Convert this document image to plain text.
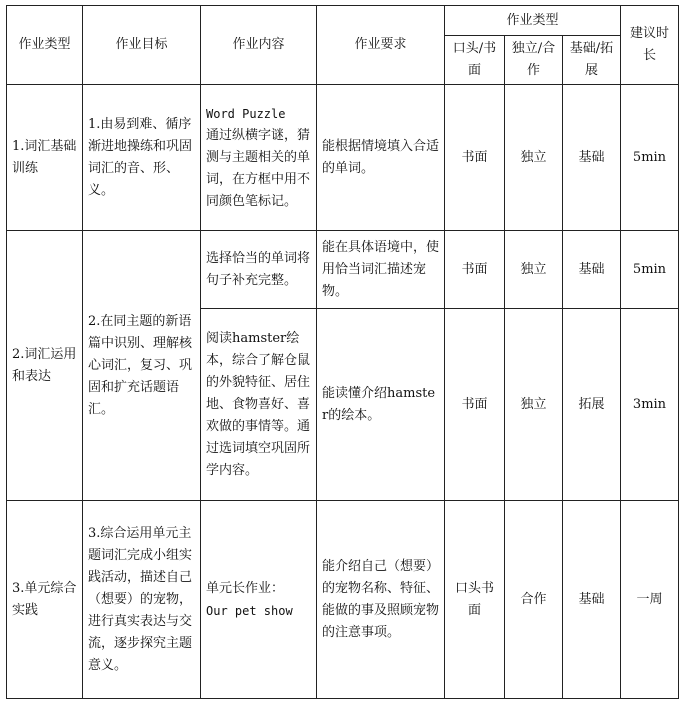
作业类型	作业目标	作业内容	作业要求	作业类型			建议时长
				口头/书面	独立/合作	基础/拓展	
1.词汇基础训练	1.由易到难、循序渐进地操练和巩固词汇的音、形、义。	Word Puzzle
通过纵横字谜，猜测与主题相关的单词，在方框中用不同颜色笔标记。	能根据情境填入合适的单词。	书面	独立	基础	5min
2.词汇运用和表达	2.在同主题的新语篇中识别、理解核心词汇，复习、巩固和扩充话题语汇。	选择恰当的单词将句子补充完整。	能在具体语境中，使用恰当词汇描述宠物。	书面	独立	基础	5min
		阅读hamster绘本，综合了解仓鼠的外貌特征、居住地、食物喜好、喜欢做的事情等。通过选词填空巩固所学内容。	能读懂介绍hamster的绘本。	书面	独立	拓展	3min
3.单元综合实践	3.综合运用单元主题词汇完成小组实践活动，描述自己（想要）的宠物，进行真实表达与交流，逐步探究主题意义。	单元长作业：
Our pet show	能介绍自己（想要）的宠物名称、特征、能做的事及照顾宠物的注意事项。	口头书面	合作	基础	一周
